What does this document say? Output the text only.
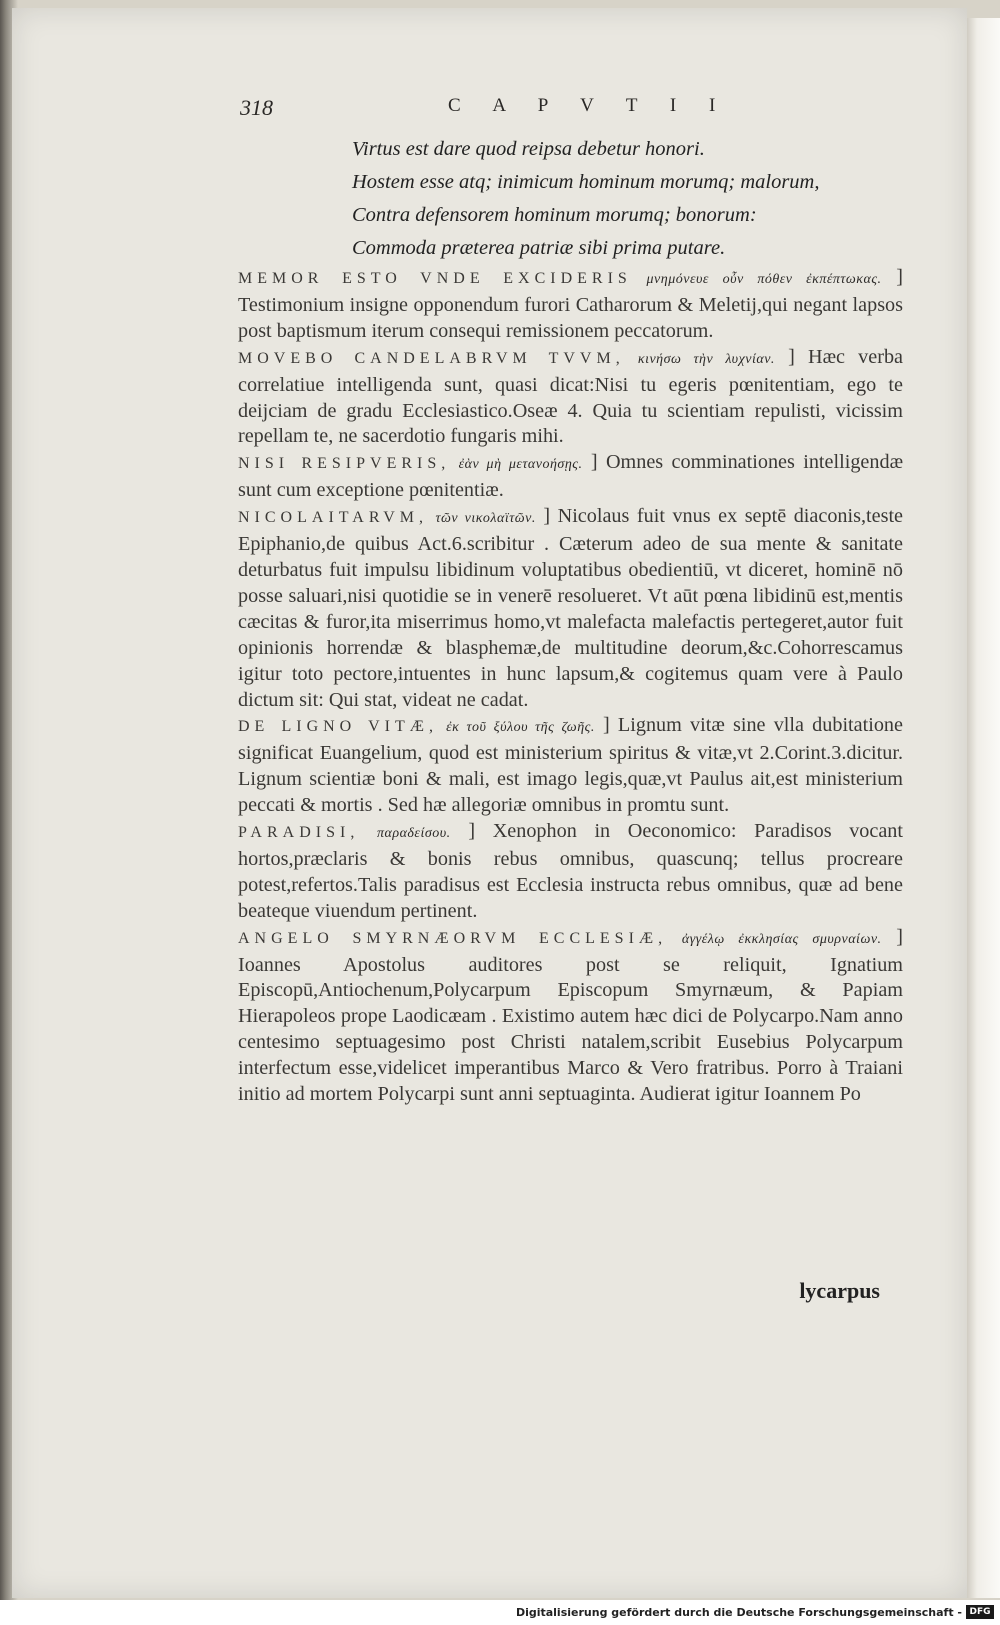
318	C A P V T I I
Virtus est dare quod reipsa debetur honori.
Hostem esse atq; inimicum hominum morumq; malorum,
Contra defensorem hominum morumq; bonorum:
Commoda præterea patriæ sibi prima putare.

MEMOR ESTO VNDE EXCIDERIS μνημόνευε οὖν πόθεν ἐκπέπτωκας. ] Testimonium insigne opponendum furori Catharorum & Meletij,qui negant lapsos post baptismum iterum consequi remissionem peccatorum.

MOVEBO CANDELABRVM TVVM, κινήσω τὴν λυχνίαν. ] Hæc verba correlatiue intelligenda sunt, quasi dicat:Nisi tu egeris pœnitentiam, ego te deijciam de gradu Ecclesiastico.Oseæ 4. Quia tu scientiam repulisti, vicissim repellam te, ne sacerdotio fungaris mihi.

NISI RESIPVERIS, ἐὰν μὴ μετανοήσῃς. ] Omnes comminationes intelligendæ sunt cum exceptione pœnitentiæ.

NICOLAITARVM, τῶν νικολαϊτῶν. ] Nicolaus fuit vnus ex septē diaconis,teste Epiphanio,de quibus Act.6.scribitur . Cæterum adeo de sua mente & sanitate deturbatus fuit impulsu libidinum voluptatibus obedientiū, vt diceret, hominē nō posse saluari,nisi quotidie se in venerē resolueret. Vt aūt pœna libidinū est,mentis cæcitas & furor,ita miserrimus homo,vt malefacta malefactis pertegeret,autor fuit opinionis horrendæ & blasphemæ,de multitudine deorum,&c.Cohorrescamus igitur toto pectore,intuentes in hunc lapsum,& cogitemus quam vere à Paulo dictum sit: Qui stat, videat ne cadat.

DE LIGNO VITÆ, ἐκ τοῦ ξύλου τῆς ζωῆς. ] Lignum vitæ sine vlla dubitatione significat Euangelium, quod est ministerium spiritus & vitæ,vt 2.Corint.3.dicitur. Lignum scientiæ boni & mali, est imago legis,quæ,vt Paulus ait,est ministerium peccati & mortis . Sed hæ allegoriæ omnibus in promtu sunt.

PARADISI, παραδείσου. ] Xenophon in Oeconomico: Paradisos vocant hortos,præclaris & bonis rebus omnibus, quascunq; tellus procreare potest,refertos.Talis paradisus est Ecclesia instructa rebus omnibus, quæ ad bene beateque viuendum pertinent.

ANGELO SMYRNÆORVM ECCLESIÆ, ἀγγέλῳ ἐκκλησίας σμυρναίων. ] Ioannes Apostolus auditores post se reliquit, Ignatium Episcopū,Antiochenum,Polycarpum Episcopum Smyrnæum, & Papiam Hierapoleos prope Laodicæam . Existimo autem hæc dici de Polycarpo.Nam anno centesimo septuagesimo post Christi natalem,scribit Eusebius Polycarpum interfectum esse,videlicet imperantibus Marco & Vero fratribus. Porro à Traiani initio ad mortem Polycarpi sunt anni septuaginta. Audierat igitur Ioannem Po

lycarpus
Digitalisierung gefördert durch die Deutsche Forschungsgemeinschaft - DFG
